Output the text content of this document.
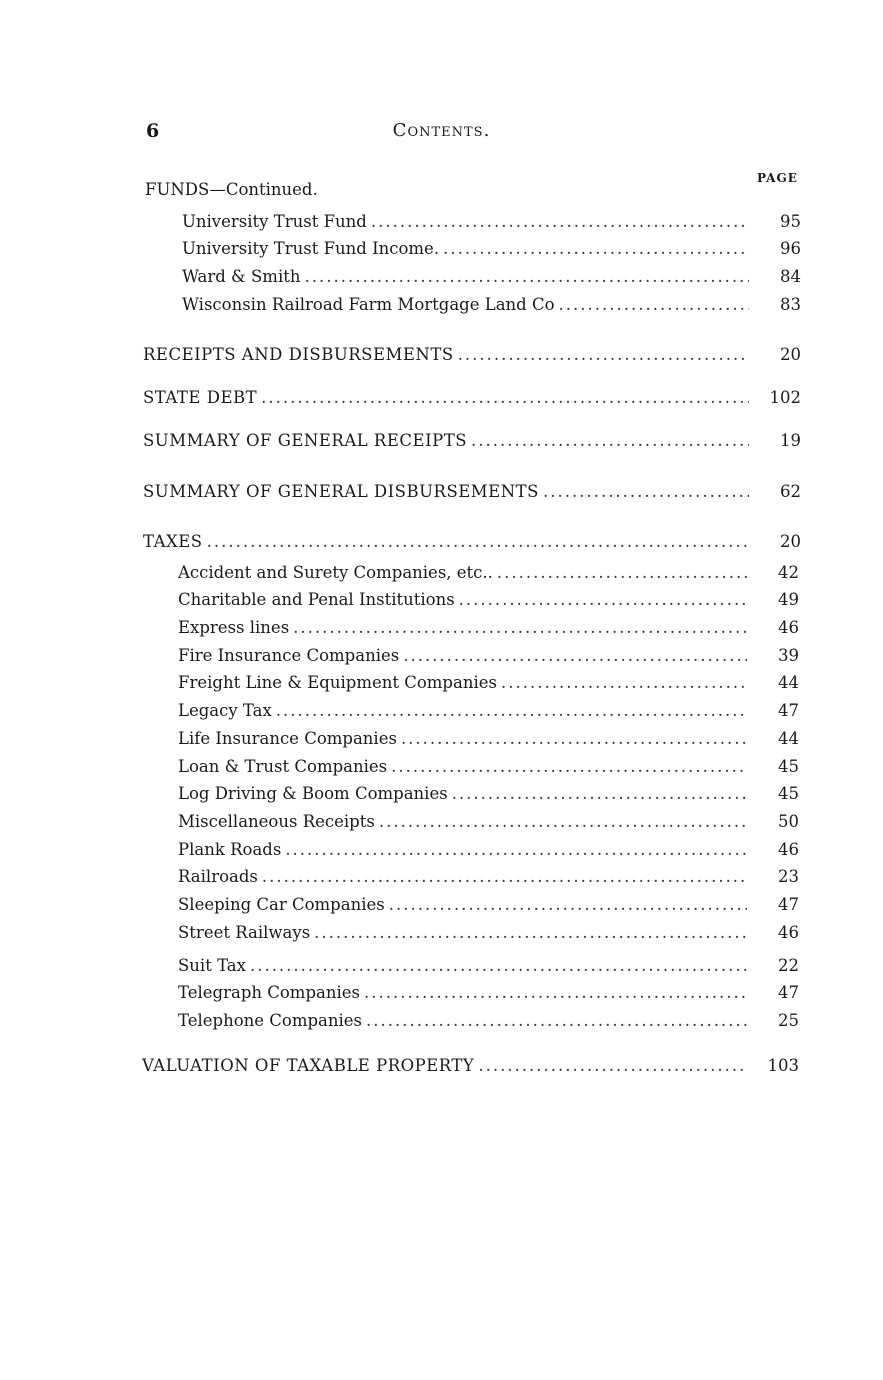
6	Contents.
PAGE
FUNDS—Continued.
University Trust Fund .....	95
University Trust Fund Income. .....	96
Ward & Smith .....	84
Wisconsin Railroad Farm Mortgage Land Co .....	83
RECEIPTS AND DISBURSEMENTS .....	20
STATE DEBT .....	102
SUMMARY OF GENERAL RECEIPTS .....	19
SUMMARY OF GENERAL DISBURSEMENTS .....	62
TAXES .....	20
Accident and Surety Companies, etc.. .....	42
Charitable and Penal Institutions .....	49
Express lines .....	46
Fire Insurance Companies .....	39
Freight Line & Equipment Companies .....	44
Legacy Tax .....	47
Life Insurance Companies .....	44
Loan & Trust Companies .....	45
Log Driving & Boom Companies .....	45
Miscellaneous Receipts .....	50
Plank Roads .....	46
Railroads .....	23
Sleeping Car Companies .....	47
Street Railways .....	46
Suit Tax .....	22
Telegraph Companies .....	47
Telephone Companies .....	25
VALUATION OF TAXABLE PROPERTY .....	103
